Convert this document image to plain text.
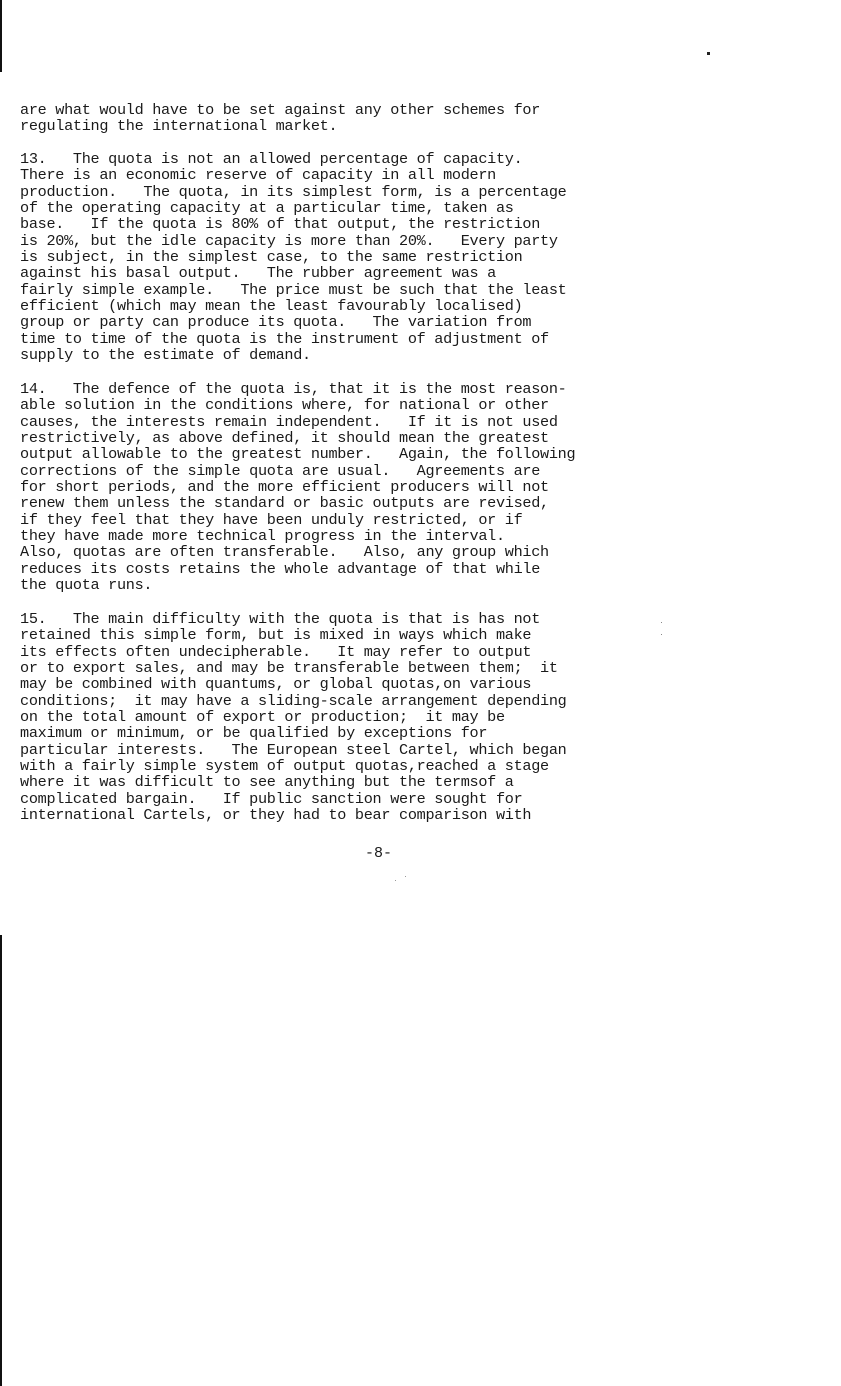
are what would have to be set against any other schemes for
regulating the international market.

13.   The quota is not an allowed percentage of capacity.
There is an economic reserve of capacity in all modern
production.   The quota, in its simplest form, is a percentage
of the operating capacity at a particular time, taken as
base.   If the quota is 80% of that output, the restriction
is 20%, but the idle capacity is more than 20%.   Every party
is subject, in the simplest case, to the same restriction
against his basal output.   The rubber agreement was a
fairly simple example.   The price must be such that the least
efficient (which may mean the least favourably localised)
group or party can produce its quota.   The variation from
time to time of the quota is the instrument of adjustment of
supply to the estimate of demand.

14.   The defence of the quota is, that it is the most reason-
able solution in the conditions where, for national or other
causes, the interests remain independent.   If it is not used
restrictively, as above defined, it should mean the greatest
output allowable to the greatest number.   Again, the following
corrections of the simple quota are usual.   Agreements are
for short periods, and the more efficient producers will not
renew them unless the standard or basic outputs are revised,
if they feel that they have been unduly restricted, or if
they have made more technical progress in the interval.
Also, quotas are often transferable.   Also, any group which
reduces its costs retains the whole advantage of that while
the quota runs.

15.   The main difficulty with the quota is that is has not
retained this simple form, but is mixed in ways which make
its effects often undecipherable.   It may refer to output
or to export sales, and may be transferable between them;  it
may be combined with quantums, or global quotas,on various
conditions;  it may have a sliding-scale arrangement depending
on the total amount of export or production;  it may be
maximum or minimum, or be qualified by exceptions for
particular interests.   The European steel Cartel, which began
with a fairly simple system of output quotas,reached a stage
where it was difficult to see anything but the termsof a
complicated bargain.   If public sanction were sought for
international Cartels, or they had to bear comparison with

-8-
